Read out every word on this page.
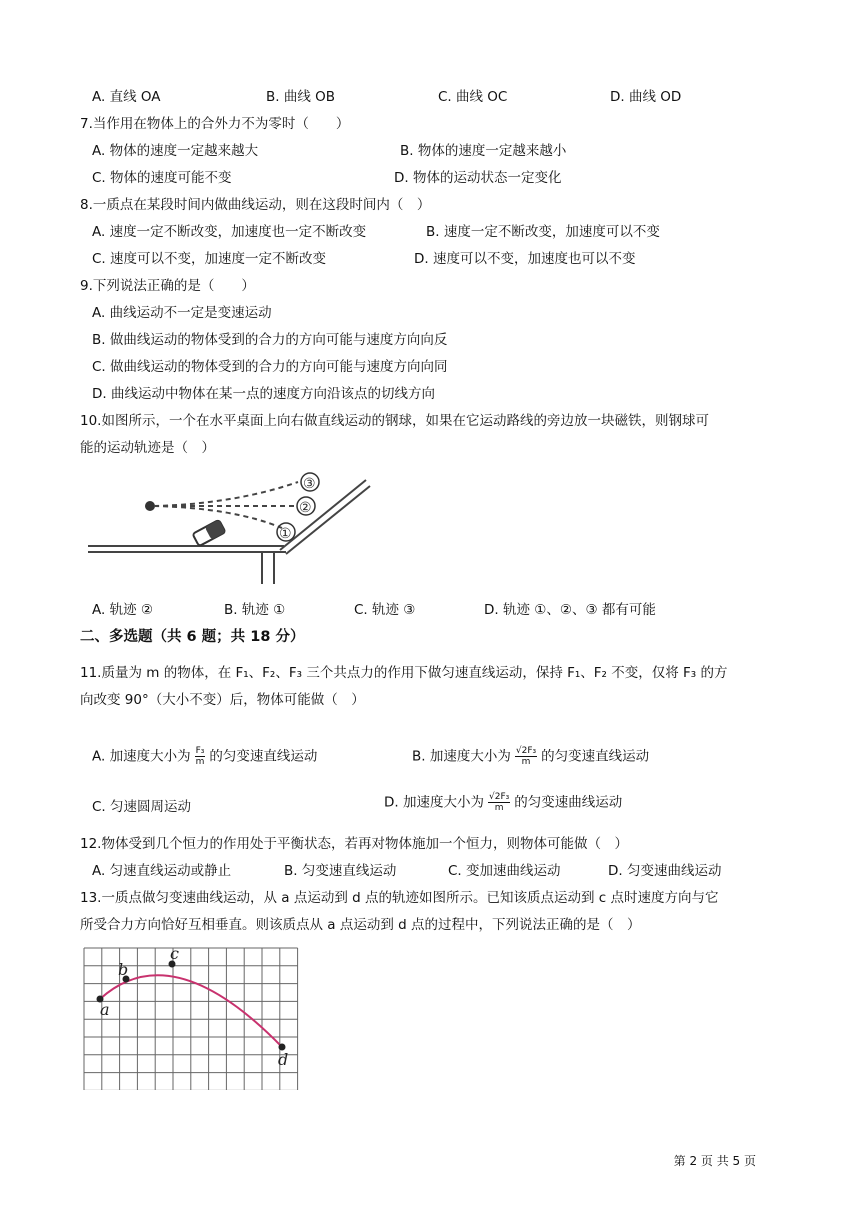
A. 直线 OA	B. 曲线 OB	C. 曲线 OC	D. 曲线 OD
7.当作用在物体上的合外力不为零时（　　）
A. 物体的速度一定越来越大	B. 物体的速度一定越来越小
C. 物体的速度可能不变	D. 物体的运动状态一定变化
8.一质点在某段时间内做曲线运动，则在这段时间内（　）
A. 速度一定不断改变，加速度也一定不断改变	B. 速度一定不断改变，加速度可以不变
C. 速度可以不变，加速度一定不断改变	D. 速度可以不变，加速度也可以不变
9.下列说法正确的是（　　）
A. 曲线运动不一定是变速运动
B. 做曲线运动的物体受到的合力的方向可能与速度方向向反
C. 做曲线运动的物体受到的合力的方向可能与速度方向向同
D. 曲线运动中物体在某一点的速度方向沿该点的切线方向
10.如图所示，一个在水平桌面上向右做直线运动的钢球，如果在它运动路线的旁边放一块磁铁，则钢球可
能的运动轨迹是（　）
③
②
①
A. 轨迹 ②	B. 轨迹 ①	C. 轨迹 ③	D. 轨迹 ①、②、③ 都有可能
二、多选题（共 6 题；共 18 分）
11.质量为 m 的物体，在 F₁、F₂、F₃ 三个共点力的作用下做匀速直线运动，保持 F₁、F₂ 不变，仅将 F₃ 的方
向改变 90°（大小不变）后，物体可能做（　）
A. 加速度大小为 $\frac{\text{F₃}}{m}$ 的匀变速直线运动	B. 加速度大小为 $\frac{\text{√2F₃}}{m}$ 的匀变速直线运动
C. 匀速圆周运动	D. 加速度大小为 $\frac{\text{√2F₃}}{m}$ 的匀变速曲线运动
12.物体受到几个恒力的作用处于平衡状态，若再对物体施加一个恒力，则物体可能做（　）
A. 匀速直线运动或静止	B. 匀变速直线运动	C. 变加速曲线运动	D. 匀变速曲线运动
13.一质点做匀变速曲线运动，从 a 点运动到 d 点的轨迹如图所示。已知该质点运动到 c 点时速度方向与它
所受合力方向恰好互相垂直。则该质点从 a 点运动到 d 点的过程中，下列说法正确的是（　）
a
b
c
d
第 2 页 共 5 页
